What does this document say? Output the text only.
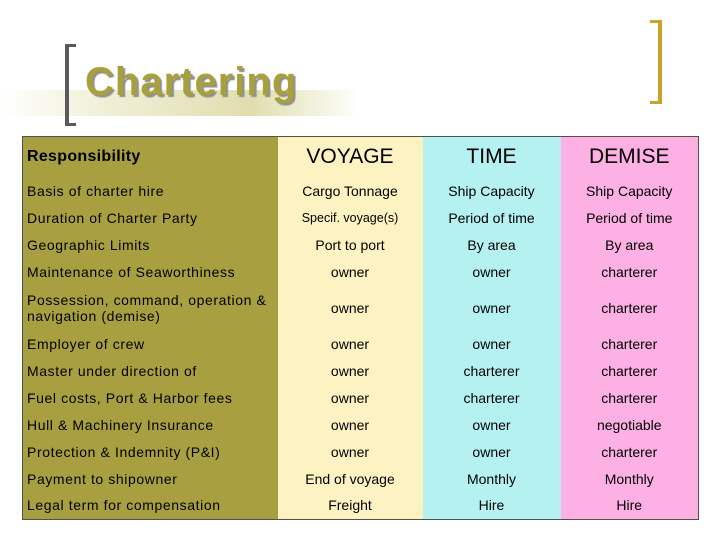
Chartering
Responsibility	VOYAGE	TIME	DEMISE
Basis of charter hire	Cargo Tonnage	Ship Capacity	Ship Capacity
Duration of Charter Party	Specif. voyage(s)	Period of time	Period of time
Geographic Limits	Port to port	By area	By area
Maintenance of Seaworthiness	owner	owner	charterer
Possession, command, operation & navigation (demise)	owner	owner	charterer
Employer of crew	owner	owner	charterer
Master under direction of	owner	charterer	charterer
Fuel costs, Port & Harbor fees	owner	charterer	charterer
Hull & Machinery Insurance	owner	owner	negotiable
Protection & Indemnity (P&I)	owner	owner	charterer
Payment to shipowner	End of voyage	Monthly	Monthly
Legal term for compensation	Freight	Hire	Hire
